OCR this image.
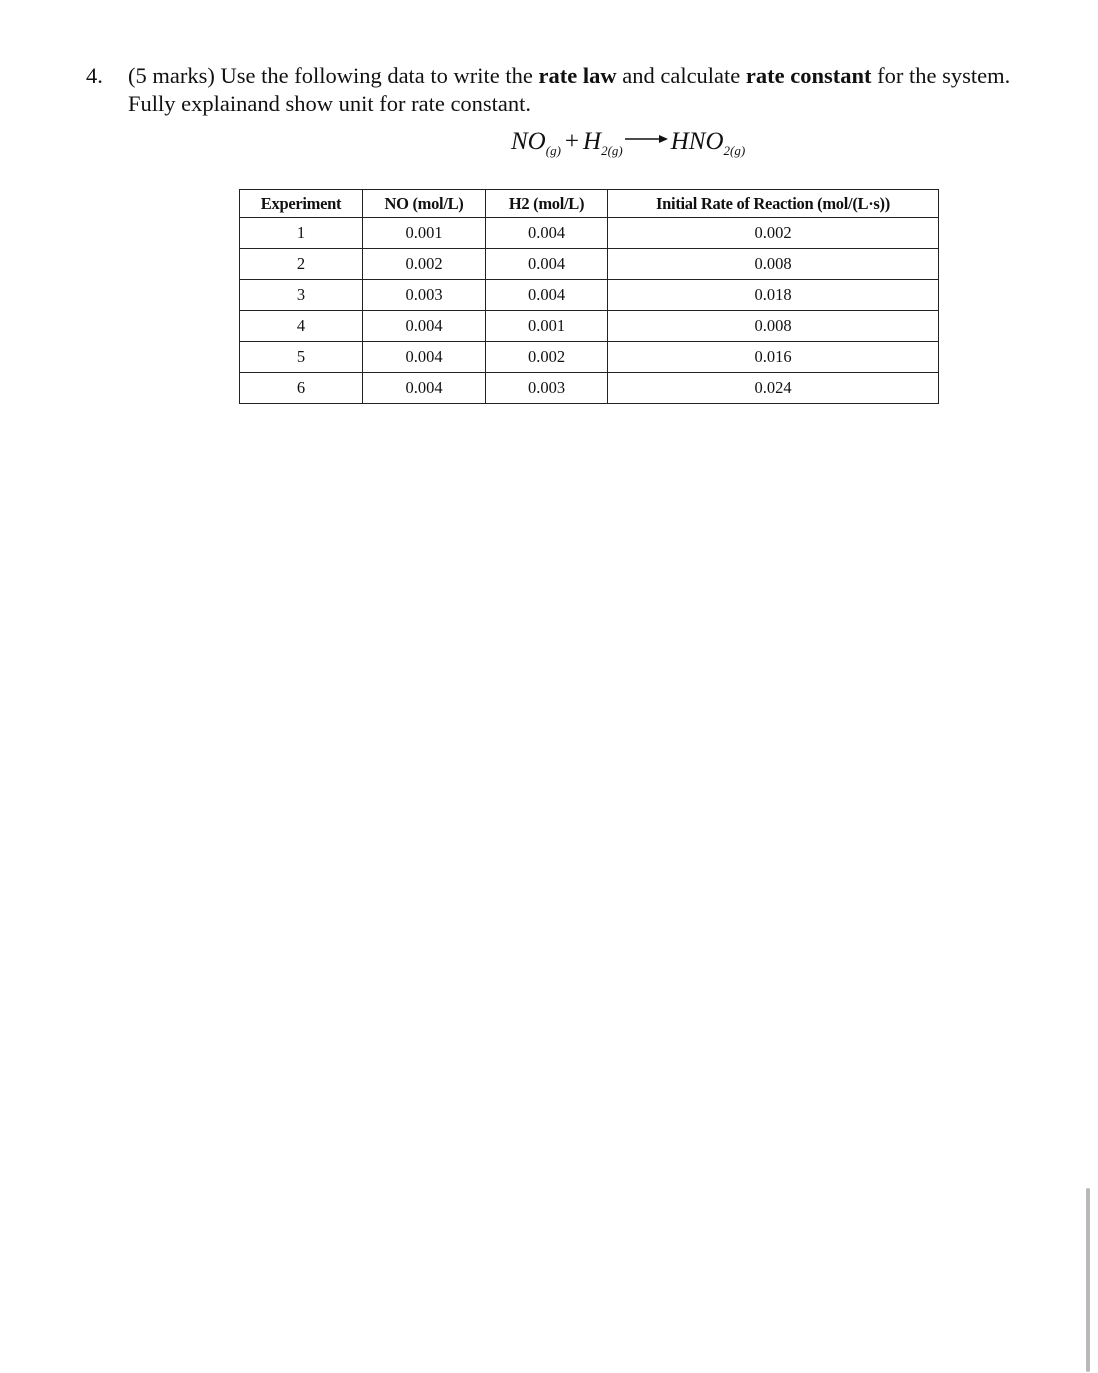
4. (5 marks) Use the following data to write the rate law and calculate rate constant for the system. Fully explainand show unit for rate constant.
$NO_{(g)} + H_{2(g)} \to HNO_{2(g)}$
Experiment	NO (mol/L)	H2 (mol/L)	Initial Rate of Reaction (mol/(L·s))
1	0.001	0.004	0.002
2	0.002	0.004	0.008
3	0.003	0.004	0.018
4	0.004	0.001	0.008
5	0.004	0.002	0.016
6	0.004	0.003	0.024
